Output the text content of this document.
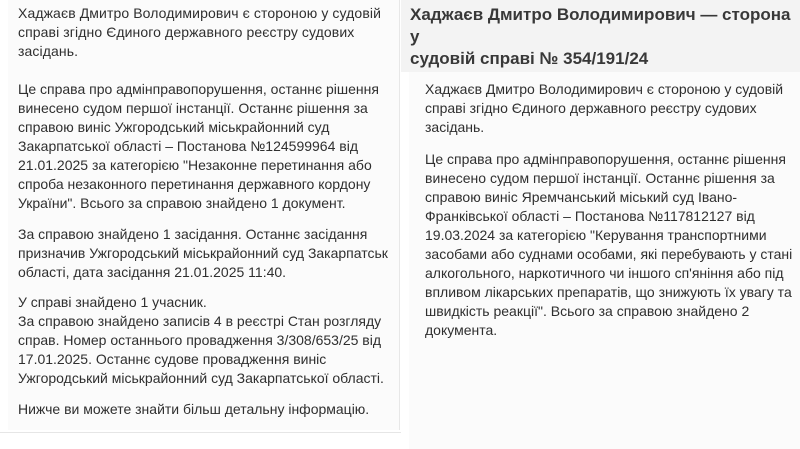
Хаджаєв Дмитро Володимирович є стороною у судовій
справі згідно Єдиного державного реєстру судових
засідань.
Це справа про адмінправопорушення, останнє рішення
винесено судом першої інстанції. Останнє рішення за
справою виніс Ужгородський міськрайонний суд
Закарпатської області – Постанова №124599964 від
21.01.2025 за категорією "Незаконне перетинання або
спроба незаконного перетинання державного кордону
України". Всього за справою знайдено 1 документ.
За справою знайдено 1 засідання. Останнє засідання
призначив Ужгородський міськрайонний суд Закарпатськ
області, дата засідання 21.01.2025 11:40.
У справі знайдено 1 учасник.
За справою знайдено записів 4 в реєстрі Стан розгляду
справ. Номер останнього провадження 3/308/653/25 від
17.01.2025. Останнє судове провадження виніс
Ужгородський міськрайонний суд Закарпатської області.
Нижче ви можете знайти більш детальну інформацію.
Хаджаєв Дмитро Володимирович — сторона у
судовій справі № 354/191/24
Хаджаєв Дмитро Володимирович є стороною у судовій
справі згідно Єдиного державного реєстру судових
засідань.
Це справа про адмінправопорушення, останнє рішення
винесено судом першої інстанції. Останнє рішення за
справою виніс Яремчанський міський суд Івано-
Франківської області – Постанова №117812127 від
19.03.2024 за категорією "Керування транспортними
засобами або суднами особами, які перебувають у стані
алкогольного, наркотичного чи іншого сп'яніння або під
впливом лікарських препаратів, що знижують їх увагу та
швидкість реакції". Всього за справою знайдено 2
документа.
